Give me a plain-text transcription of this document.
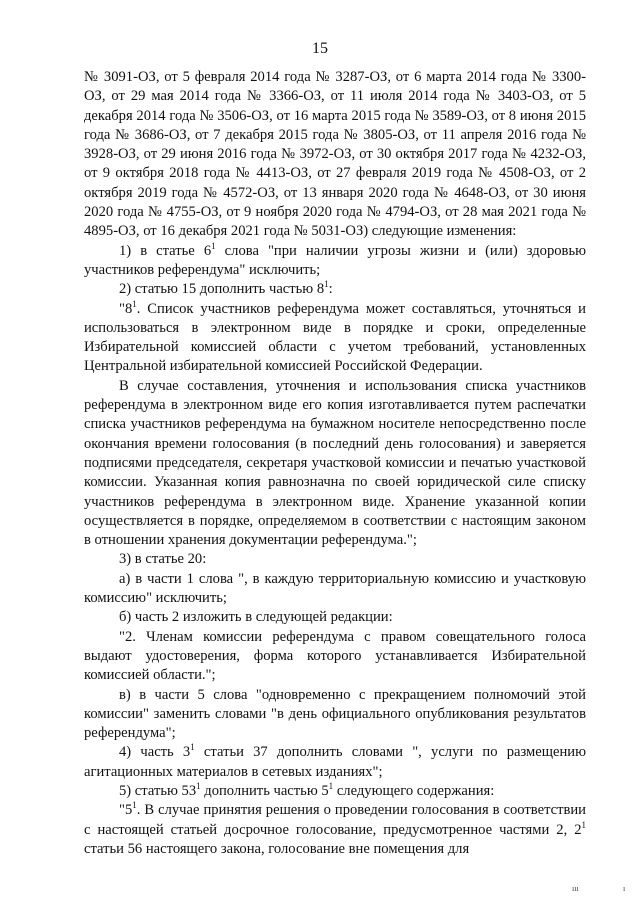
15

№ 3091-ОЗ, от 5 февраля 2014 года № 3287-ОЗ, от 6 марта 2014 года № 3300-ОЗ, от 29 мая 2014 года № 3366-ОЗ, от 11 июля 2014 года № 3403-ОЗ, от 5 декабря 2014 года № 3506-ОЗ, от 16 марта 2015 года № 3589-ОЗ, от 8 июня 2015 года № 3686-ОЗ, от 7 декабря 2015 года № 3805-ОЗ, от 11 апреля 2016 года № 3928-ОЗ, от 29 июня 2016 года № 3972-ОЗ, от 30 октября 2017 года № 4232-ОЗ, от 9 октября 2018 года № 4413-ОЗ, от 27 февраля 2019 года № 4508-ОЗ, от 2 октября 2019 года № 4572-ОЗ, от 13 января 2020 года № 4648-ОЗ, от 30 июня 2020 года № 4755-ОЗ, от 9 ноября 2020 года № 4794-ОЗ, от 28 мая 2021 года № 4895-ОЗ, от 16 декабря 2021 года № 5031-ОЗ) следующие изменения:

1) в статье $6^1$ слова "при наличии угрозы жизни и (или) здоровью участников референдума" исключить;

2) статью 15 дополнить частью $8^1$:

"$8^1$. Список участников референдума может составляться, уточняться и использоваться в электронном виде в порядке и сроки, определенные Избирательной комиссией области с учетом требований, установленных Центральной избирательной комиссией Российской Федерации.

В случае составления, уточнения и использования списка участников референдума в электронном виде его копия изготавливается путем распечатки списка участников референдума на бумажном носителе непосредственно после окончания времени голосования (в последний день голосования) и заверяется подписями председателя, секретаря участковой комиссии и печатью участковой комиссии. Указанная копия равнозначна по своей юридической силе списку участников референдума в электронном виде. Хранение указанной копии осуществляется в порядке, определяемом в соответствии с настоящим законом в отношении хранения документации референдума.";

3) в статье 20:

а) в части 1 слова ", в каждую территориальную комиссию и участковую комиссию" исключить;

б) часть 2 изложить в следующей редакции:

"2. Членам комиссии референдума с правом совещательного голоса выдают удостоверения, форма которого устанавливается Избирательной комиссией области.";

в) в части 5 слова "одновременно с прекращением полномочий этой комиссии" заменить словами "в день официального опубликования результатов референдума";

4) часть $3^1$ статьи 37 дополнить словами ", услуги по размещению агитационных материалов в сетевых изданиях";

5) статью $53^1$ дополнить частью $5^1$ следующего содержания:

"$5^1$. В случае принятия решения о проведении голосования в соответствии с настоящей статьей досрочное голосование, предусмотренное частями 2, $2^1$ статьи 56 настоящего закона, голосование вне помещения для

ııı	ı
